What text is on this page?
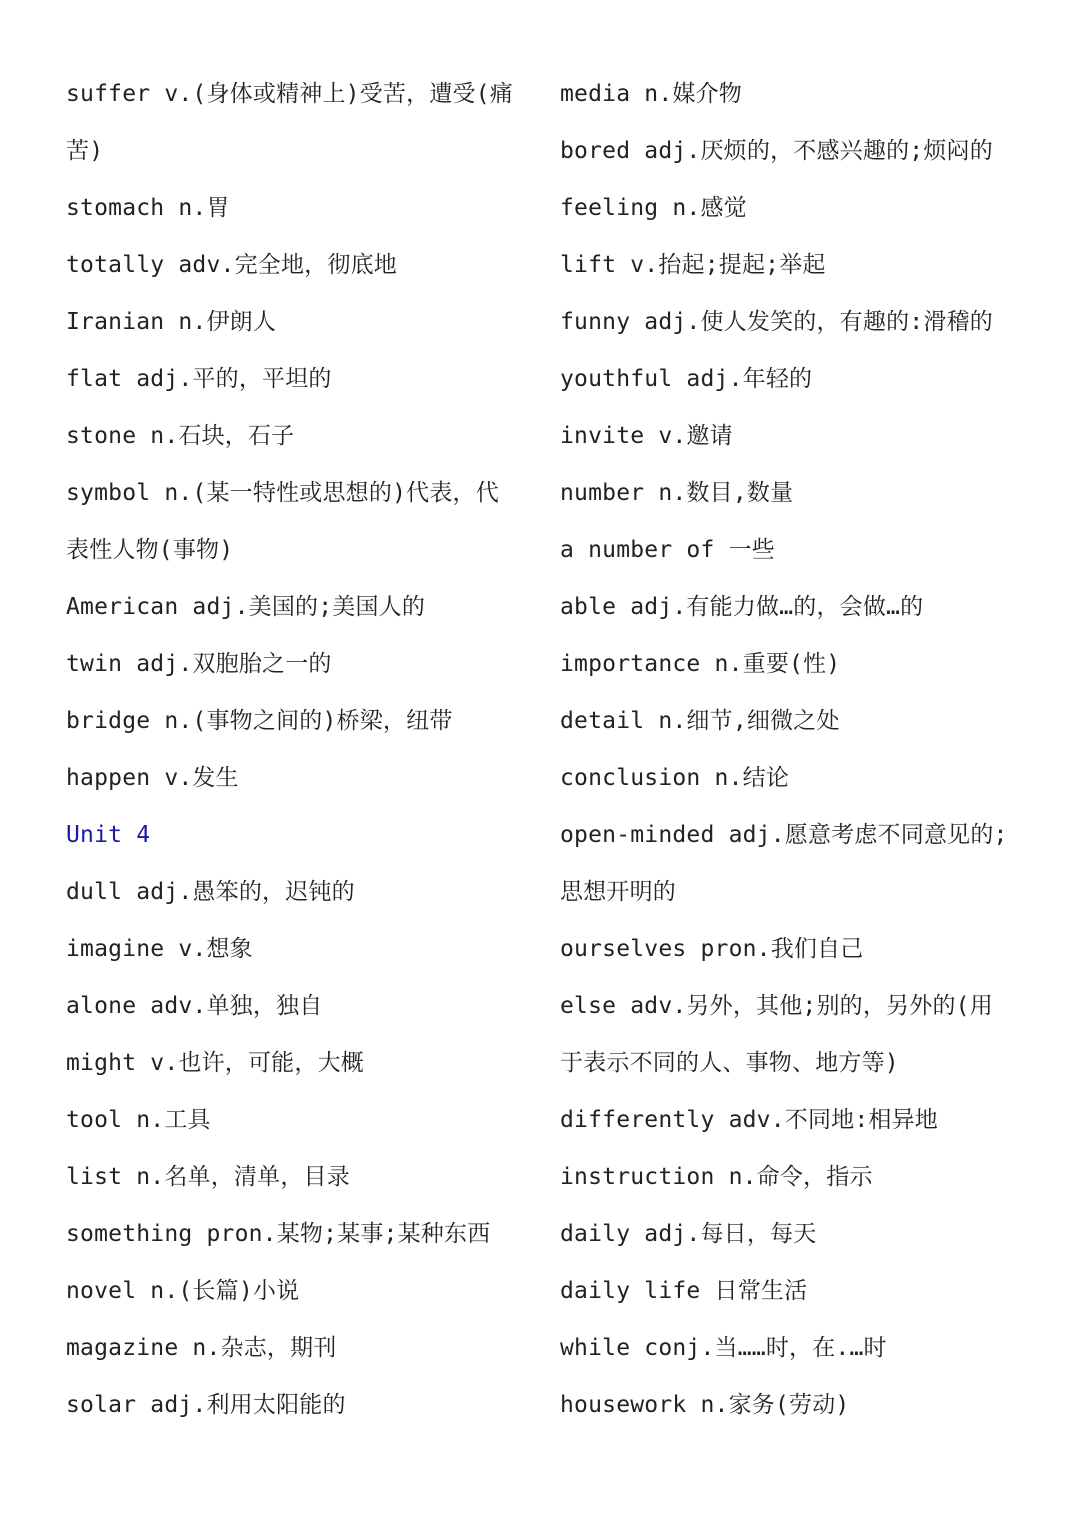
suffer v.(身体或精神上)受苦，遭受(痛
苦)
stomach n.胃
totally adv.完全地，彻底地
Iranian n.伊朗人
flat adj.平的，平坦的
stone n.石块，石子
symbol n.(某一特性或思想的)代表，代
表性人物(事物)
American adj.美国的;美国人的
twin adj.双胞胎之一的
bridge n.(事物之间的)桥梁，纽带
happen v.发生
Unit 4
dull adj.愚笨的，迟钝的
imagine v.想象
alone adv.单独，独自
might v.也许，可能，大概
tool n.工具
list n.名单，清单，目录
something pron.某物;某事;某种东西
novel n.(长篇)小说
magazine n.杂志，期刊
solar adj.利用太阳能的
media n.媒介物
bored adj.厌烦的，不感兴趣的;烦闷的
feeling n.感觉
lift v.抬起;提起;举起
funny adj.使人发笑的，有趣的:滑稽的
youthful adj.年轻的
invite v.邀请
number n.数目,数量
a number of 一些
able adj.有能力做…的，会做…的
importance n.重要(性)
detail n.细节,细微之处
conclusion n.结论
open-minded adj.愿意考虑不同意见的;
思想开明的
ourselves pron.我们自己
else adv.另外，其他;别的，另外的(用
于表示不同的人、事物、地方等)
differently adv.不同地:相异地
instruction n.命令，指示
daily adj.每日，每天
daily life 日常生活
while conj.当……时，在.…时
housework n.家务(劳动)
